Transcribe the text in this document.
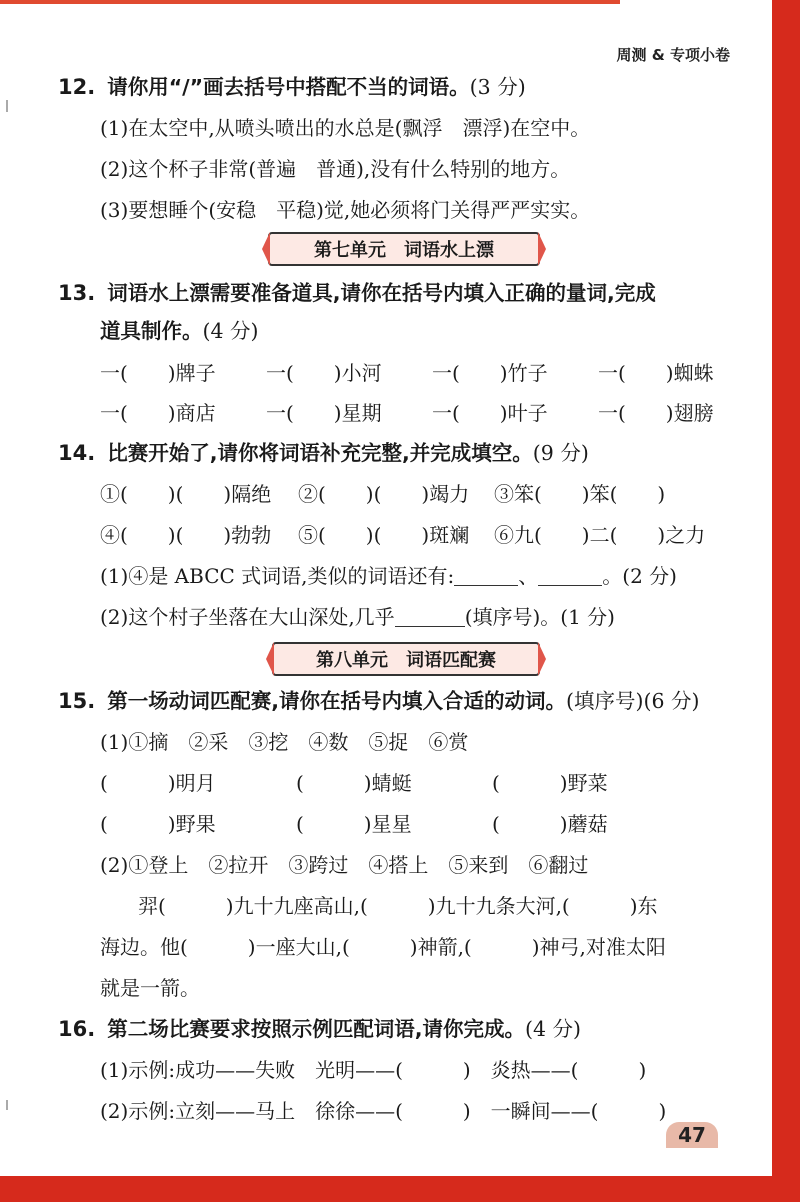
周测 & 专项小卷
12. 请你用“/”画去括号中搭配不当的词语。(3 分)
(1)在太空中,从喷头喷出的水总是(飘浮　漂浮)在空中。
(2)这个杯子非常(普遍　普通),没有什么特别的地方。
(3)要想睡个(安稳　平稳)觉,她必须将门关得严严实实。
第七单元　词语水上漂
13. 词语水上漂需要准备道具,请你在括号内填入正确的量词,完成
道具制作。(4 分)
一(　　)牌子	一(　　)小河	一(　　)竹子	一(　　)蜘蛛
一(　　)商店	一(　　)星期	一(　　)叶子	一(　　)翅膀
14. 比赛开始了,请你将词语补充完整,并完成填空。(9 分)
①(　　)(　　)隔绝 ②(　　)(　　)竭力 ③笨(　　)笨(　　)
④(　　)(　　)勃勃 ⑤(　　)(　　)斑斓 ⑥九(　　)二(　　)之力
(1)④是 ABCC 式词语,类似的词语还有:	、	。(2 分)
(2)这个村子坐落在大山深处,几乎	(填序号)。(1 分)
第八单元　词语匹配赛
15. 第一场动词匹配赛,请你在括号内填入合适的动词。(填序号)(6 分)
(1)①摘　②采　③挖　④数　⑤捉　⑥赏
(　　　)明月	(　　　)蜻蜓	(　　　)野菜
(　　　)野果	(　　　)星星	(　　　)蘑菇
(2)①登上　②拉开　③跨过　④搭上　⑤来到　⑥翻过
羿(　　　)九十九座高山,(　　　)九十九条大河,(　　　)东
海边。他(　　　)一座大山,(　　　)神箭,(　　　)神弓,对准太阳
就是一箭。
16. 第二场比赛要求按照示例匹配词语,请你完成。(4 分)
(1)示例:成功——失败　光明——(　　　)　炎热——(　　　)
(2)示例:立刻——马上　徐徐——(　　　)　一瞬间——(　　　)
47
